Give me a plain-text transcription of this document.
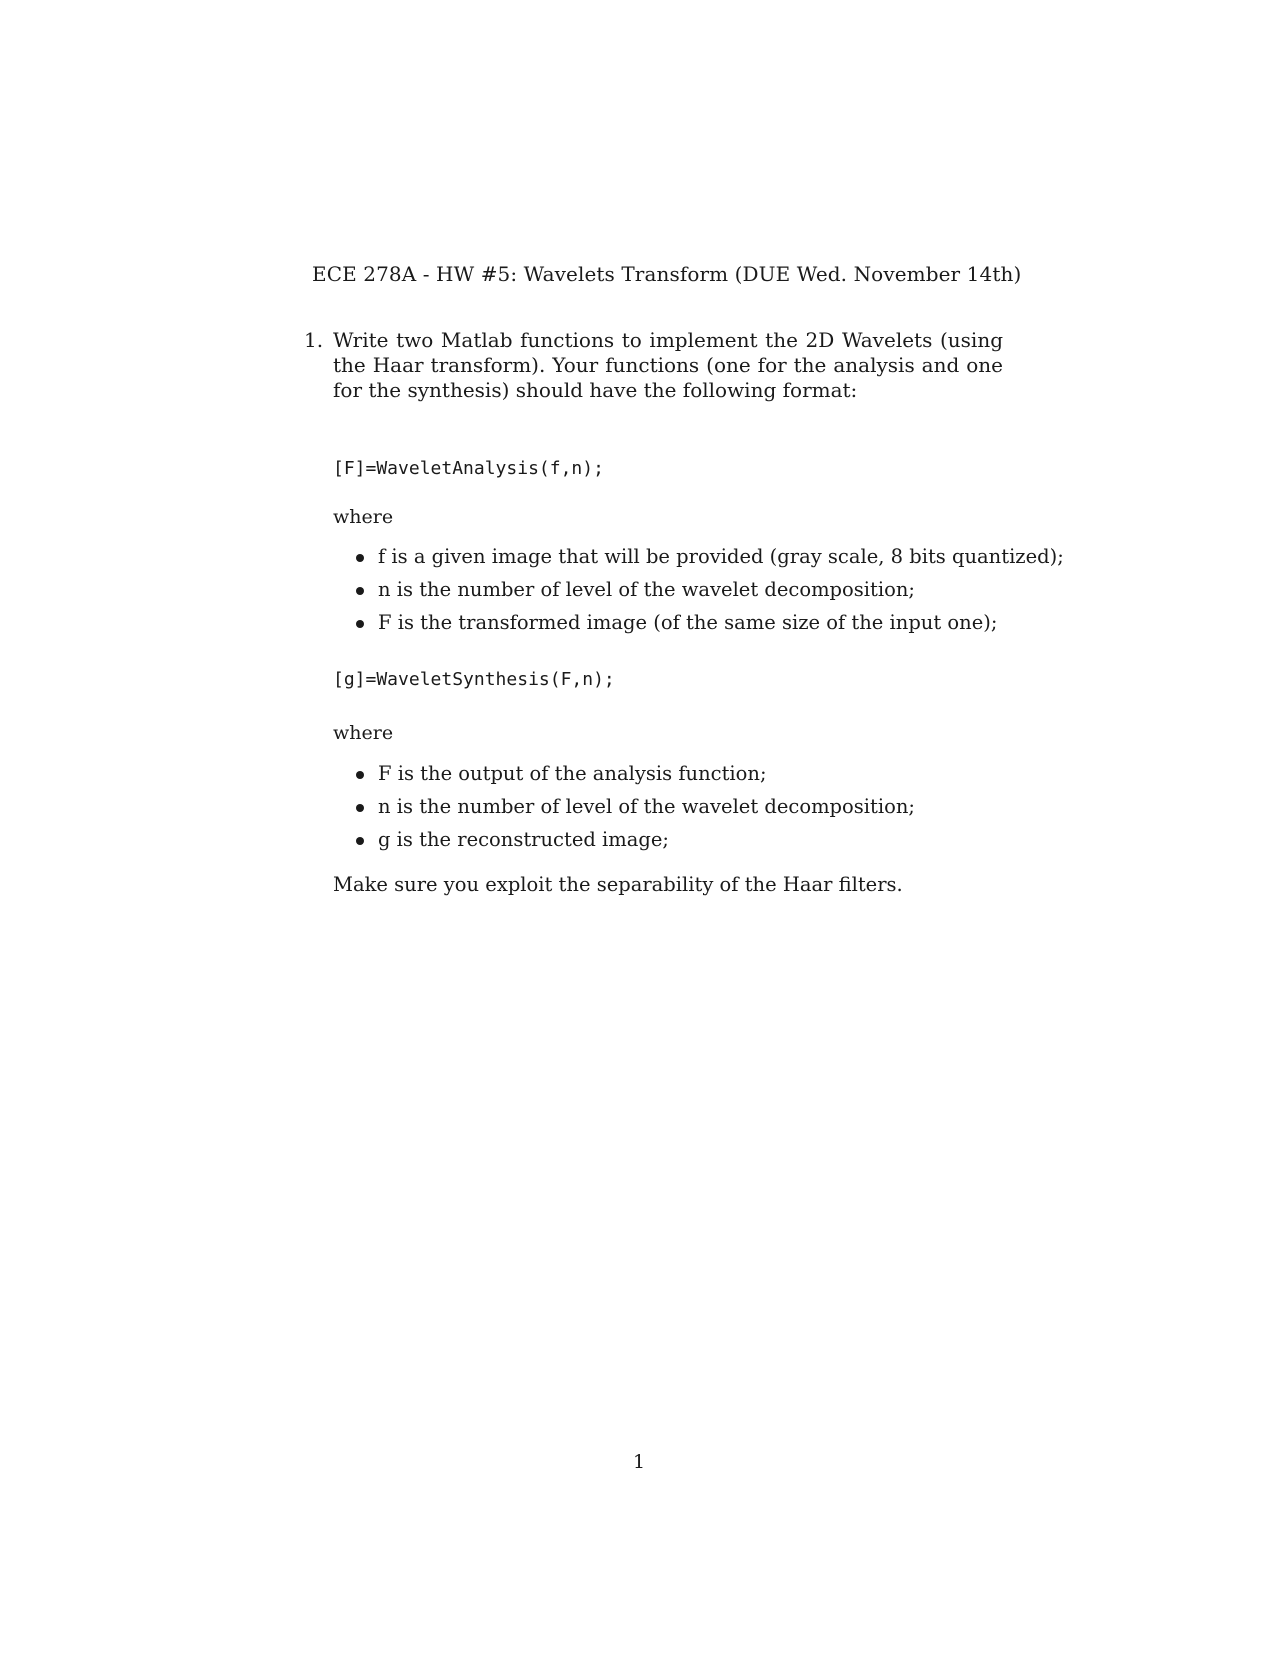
ECE 278A - HW #5: Wavelets Transform (DUE Wed. November 14th)
1. Write two Matlab functions to implement the 2D Wavelets (using the Haar transform). Your functions (one for the analysis and one for the synthesis) should have the following format:
[F]=WaveletAnalysis(f,n);
where
f is a given image that will be provided (gray scale, 8 bits quantized);
n is the number of level of the wavelet decomposition;
F is the transformed image (of the same size of the input one);
[g]=WaveletSynthesis(F,n);
where
F is the output of the analysis function;
n is the number of level of the wavelet decomposition;
g is the reconstructed image;
Make sure you exploit the separability of the Haar filters.
1
